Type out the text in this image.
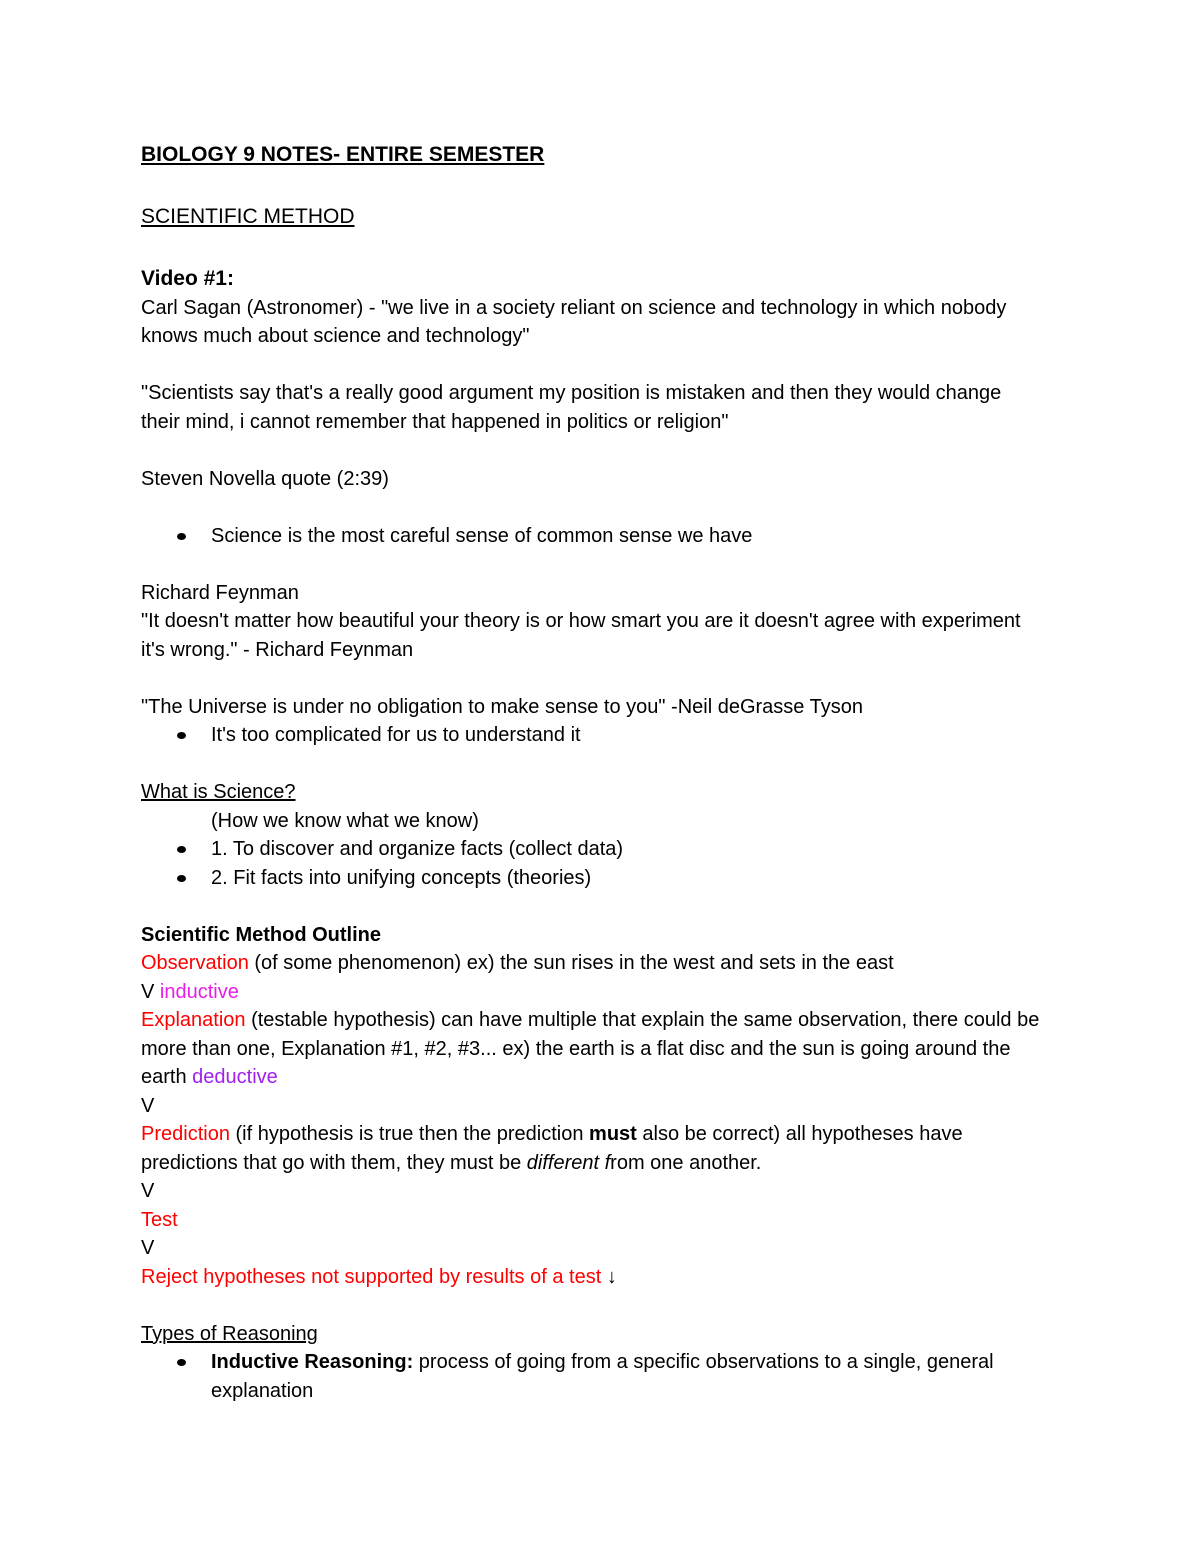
BIOLOGY 9 NOTES- ENTIRE SEMESTER

SCIENTIFIC METHOD

Video #1:

Carl Sagan (Astronomer) - "we live in a society reliant on science and technology in which nobody knows much about science and technology"

"Scientists say that's a really good argument my position is mistaken and then they would change their mind, i cannot remember that happened in politics or religion"

Steven Novella quote (2:39)

Science is the most careful sense of common sense we have

Richard Feynman

"It doesn't matter how beautiful your theory is or how smart you are it doesn't agree with experiment it's wrong." - Richard Feynman

"The Universe is under no obligation to make sense to you" -Neil deGrasse Tyson

It's too complicated for us to understand it

What is Science?

(How we know what we know)

1. To discover and organize facts (collect data)

2. Fit facts into unifying concepts (theories)

Scientific Method Outline

Observation (of some phenomenon) ex) the sun rises in the west and sets in the east

V inductive

Explanation (testable hypothesis) can have multiple that explain the same observation, there could be more than one, Explanation #1, #2, #3... ex) the earth is a flat disc and the sun is going around the earth deductive

V

Prediction (if hypothesis is true then the prediction must also be correct) all hypotheses have predictions that go with them, they must be different from one another.

V

Test

V

Reject hypotheses not supported by results of a test ↓

Types of Reasoning

Inductive Reasoning: process of going from a specific observations to a single, general explanation
